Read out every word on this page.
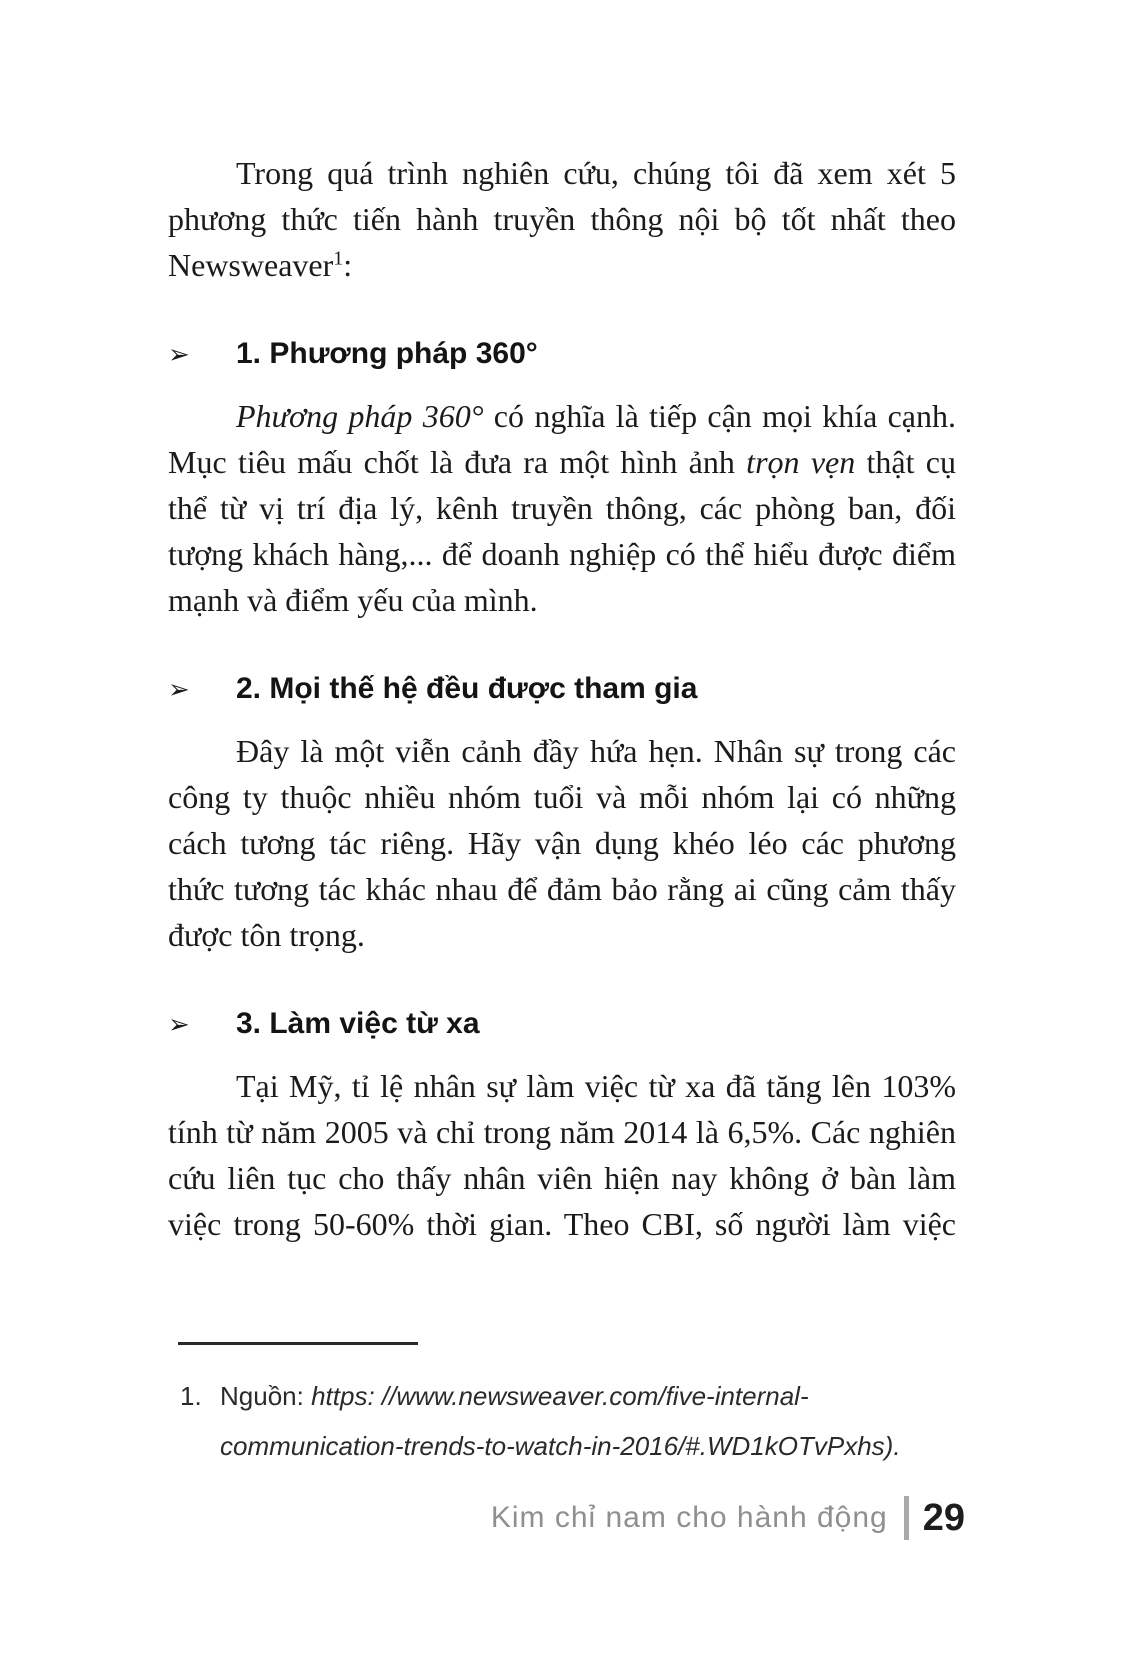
Trong quá trình nghiên cứu, chúng tôi đã xem xét 5 phương thức tiến hành truyền thông nội bộ tốt nhất theo Newsweaver$^1$:

➢	1. Phương pháp 360°

Phương pháp 360° có nghĩa là tiếp cận mọi khía cạnh. Mục tiêu mấu chốt là đưa ra một hình ảnh trọn vẹn thật cụ thể từ vị trí địa lý, kênh truyền thông, các phòng ban, đối tượng khách hàng,... để doanh nghiệp có thể hiểu được điểm mạnh và điểm yếu của mình.

➢	2. Mọi thế hệ đều được tham gia

Đây là một viễn cảnh đầy hứa hẹn. Nhân sự trong các công ty thuộc nhiều nhóm tuổi và mỗi nhóm lại có những cách tương tác riêng. Hãy vận dụng khéo léo các phương thức tương tác khác nhau để đảm bảo rằng ai cũng cảm thấy được tôn trọng.

➢	3. Làm việc từ xa

Tại Mỹ, tỉ lệ nhân sự làm việc từ xa đã tăng lên 103% tính từ năm 2005 và chỉ trong năm 2014 là 6,5%. Các nghiên cứu liên tục cho thấy nhân viên hiện nay không ở bàn làm việc trong 50-60% thời gian. Theo CBI, số người làm việc

1. Nguồn: https: //www.newsweaver.com/five-internal-communication-trends-to-watch-in-2016/#.WD1kOTvPxhs).
Kim chỉ nam cho hành động 29
